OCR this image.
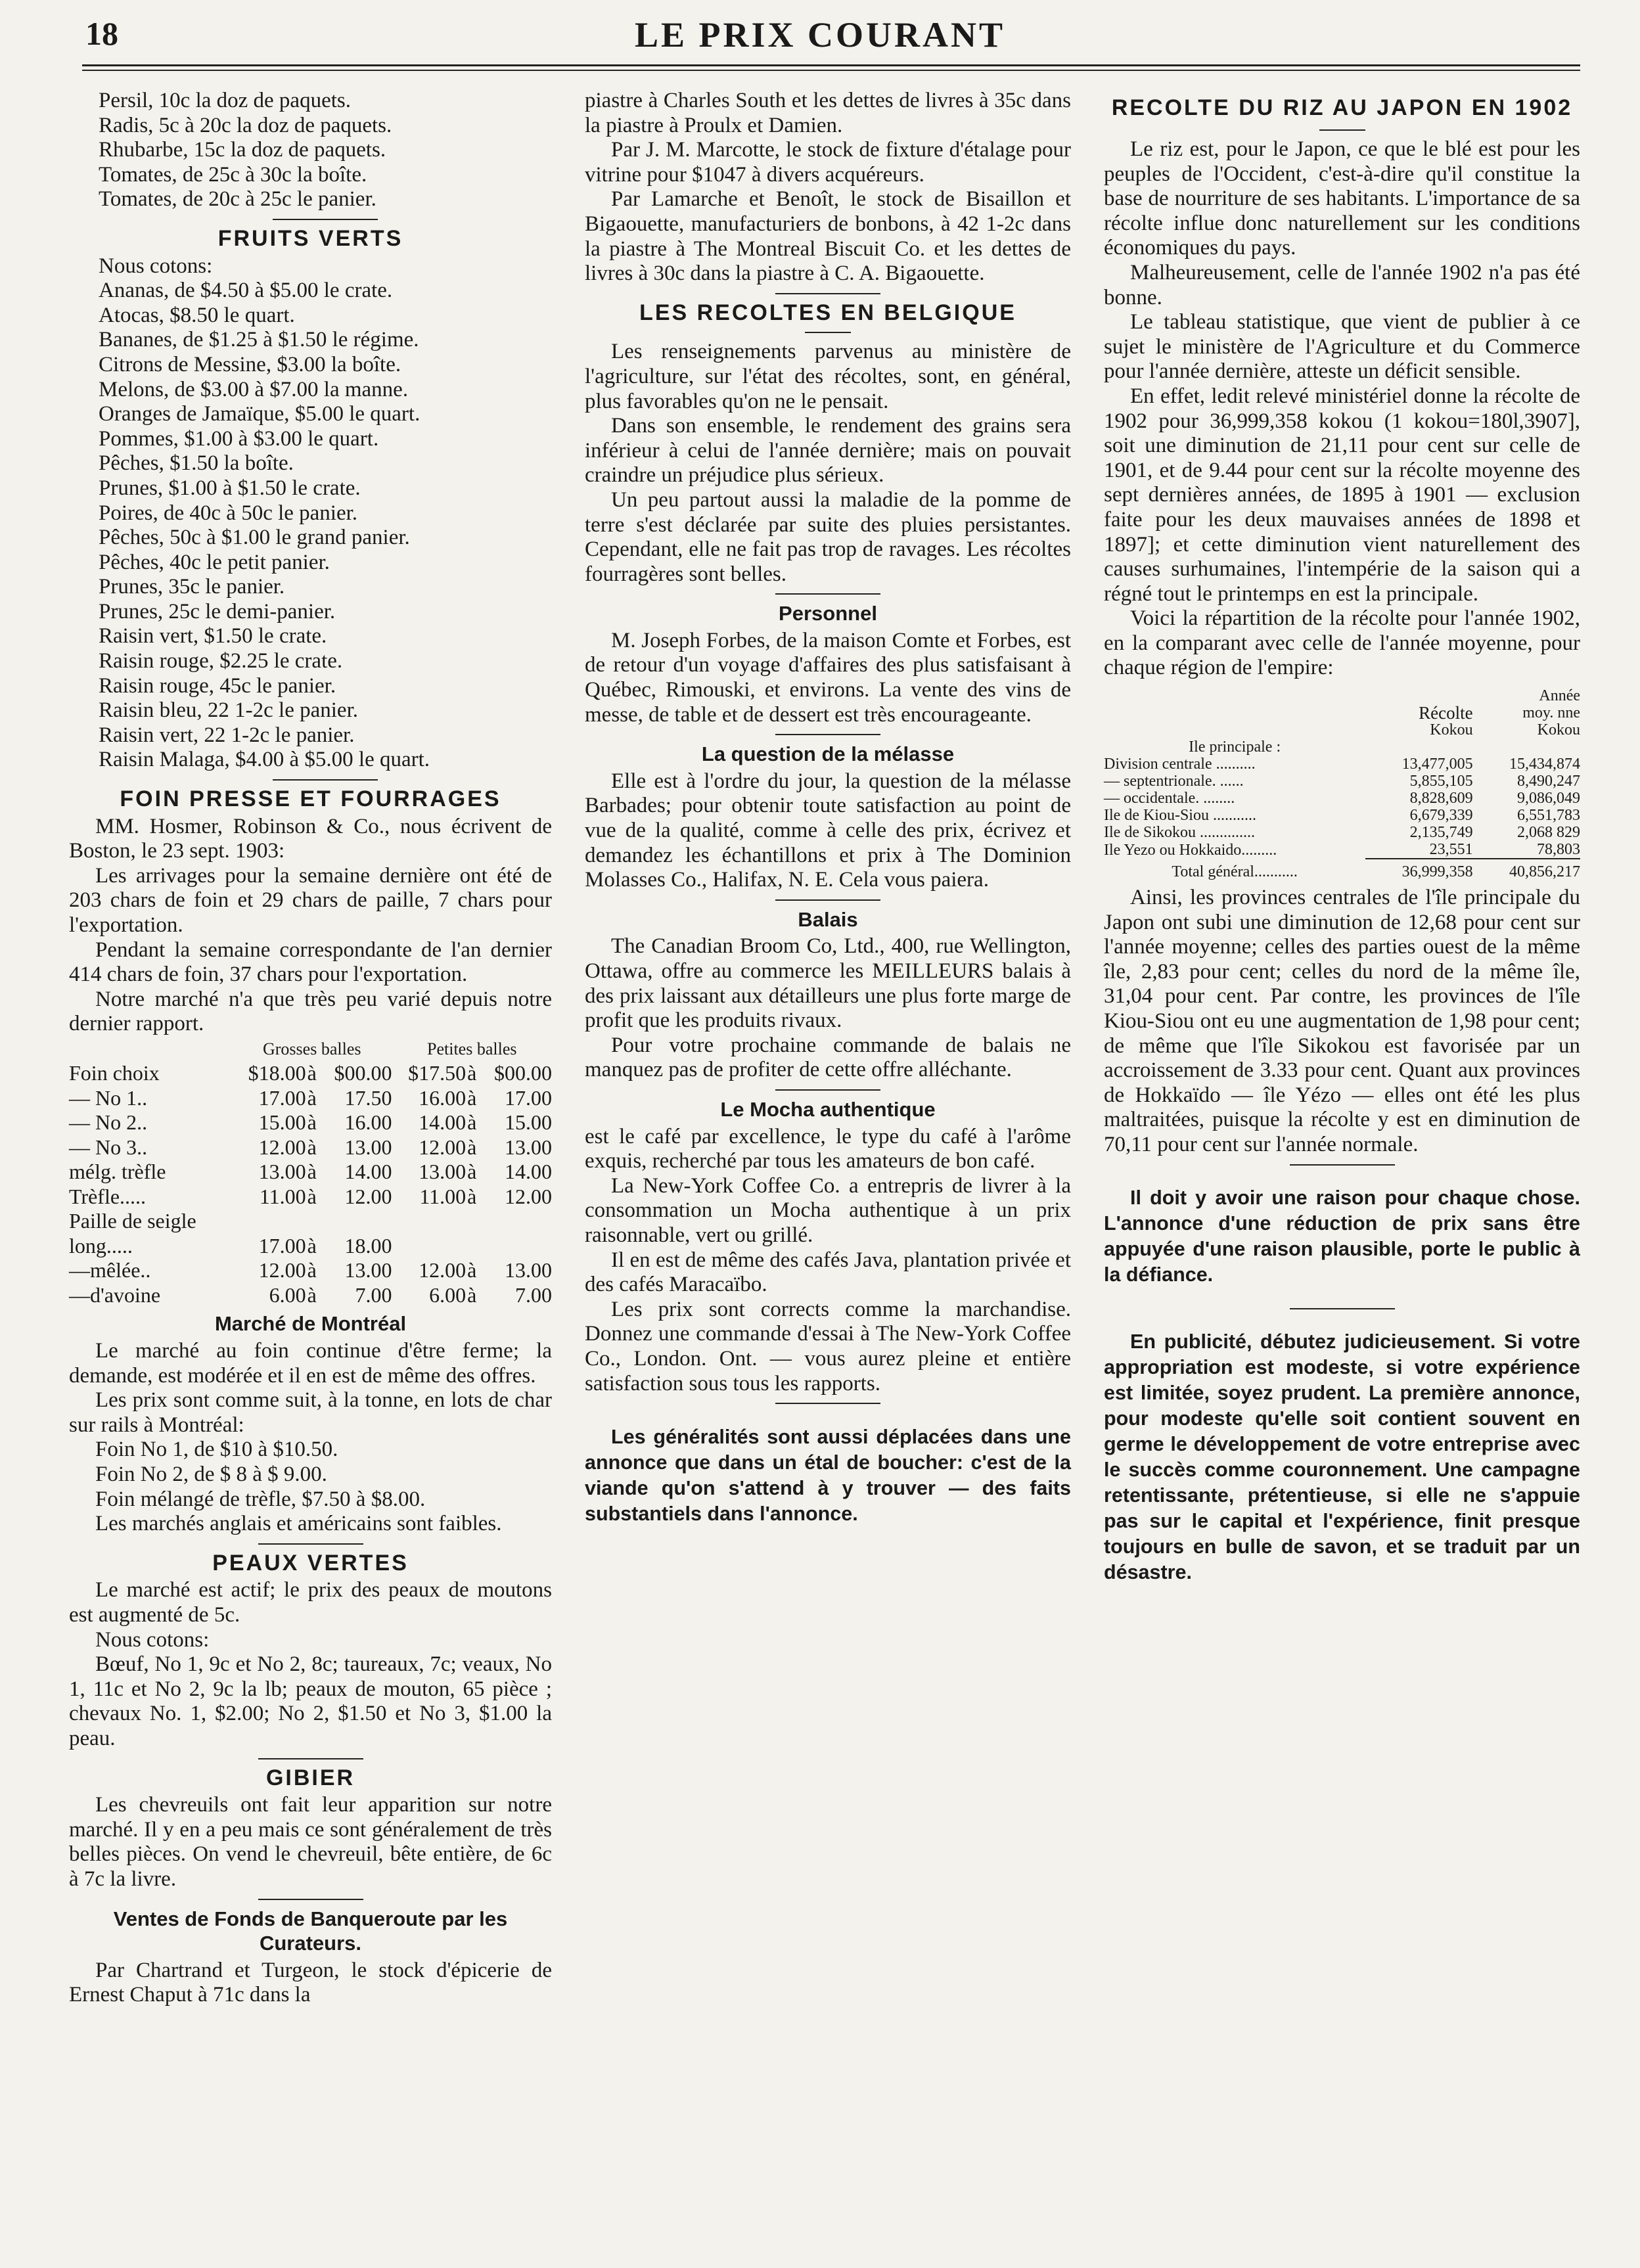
18	LE PRIX COURANT

Persil, 10c la doz de paquets.

Radis, 5c à 20c la doz de paquets.

Rhubarbe, 15c la doz de paquets.

Tomates, de 25c à 30c la boîte.

Tomates, de 20c à 25c le panier.

FRUITS VERTS

Nous cotons:

Ananas, de $4.50 à $5.00 le crate.

Atocas, $8.50 le quart.

Bananes, de $1.25 à $1.50 le régime.

Citrons de Messine, $3.00 la boîte.

Melons, de $3.00 à $7.00 la manne.

Oranges de Jamaïque, $5.00 le quart.

Pommes, $1.00 à $3.00 le quart.

Pêches, $1.50 la boîte.

Prunes, $1.00 à $1.50 le crate.

Poires, de 40c à 50c le panier.

Pêches, 50c à $1.00 le grand panier.

Pêches, 40c le petit panier.

Prunes, 35c le panier.

Prunes, 25c le demi-panier.

Raisin vert, $1.50 le crate.

Raisin rouge, $2.25 le crate.

Raisin rouge, 45c le panier.

Raisin bleu, 22 1-2c le panier.

Raisin vert, 22 1-2c le panier.

Raisin Malaga, $4.00 à $5.00 le quart.

FOIN PRESSE ET FOURRAGES

MM. Hosmer, Robinson & Co., nous écrivent de Boston, le 23 sept. 1903:

Les arrivages pour la semaine dernière ont été de 203 chars de foin et 29 chars de paille, 7 chars pour l'exportation.

Pendant la semaine correspondante de l'an dernier 414 chars de foin, 37 chars pour l'exportation.

Notre marché n'a que très peu varié depuis notre dernier rapport.

	Grosses balles			Petites balles		
Foin choix	$18.00	à	$00.00	$17.50	à	$00.00
— No 1..	17.00	à	17.50	16.00	à	17.00
— No 2..	15.00	à	16.00	14.00	à	15.00
— No 3..	12.00	à	13.00	12.00	à	13.00
mélg. trèfle	13.00	à	14.00	13.00	à	14.00
Trèfle.....	11.00	à	12.00	11.00	à	12.00
Paille de seigle						
long.....	17.00	à	18.00			
—mêlée..	12.00	à	13.00	12.00	à	13.00
—d'avoine	6.00	à	7.00	6.00	à	7.00
Marché de Montréal

Le marché au foin continue d'être ferme; la demande, est modérée et il en est de même des offres.

Les prix sont comme suit, à la tonne, en lots de char sur rails à Montréal:

Foin No 1, de $10 à $10.50.

Foin No 2, de $ 8 à $ 9.00.

Foin mélangé de trèfle, $7.50 à $8.00.

Les marchés anglais et américains sont faibles.

PEAUX VERTES

Le marché est actif; le prix des peaux de moutons est augmenté de 5c.

Nous cotons:

Bœuf, No 1, 9c et No 2, 8c; taureaux, 7c; veaux, No 1, 11c et No 2, 9c la lb; peaux de mouton, 65 pièce ; chevaux No. 1, $2.00; No 2, $1.50 et No 3, $1.00 la peau.

GIBIER

Les chevreuils ont fait leur apparition sur notre marché. Il y en a peu mais ce sont généralement de très belles pièces. On vend le chevreuil, bête entière, de 6c à 7c la livre.

Ventes de Fonds de Banqueroute par les Curateurs.

Par Chartrand et Turgeon, le stock d'épicerie de Ernest Chaput à 71c dans la

piastre à Charles South et les dettes de livres à 35c dans la piastre à Proulx et Damien.

Par J. M. Marcotte, le stock de fixture d'étalage pour vitrine pour $1047 à divers acquéreurs.

Par Lamarche et Benoît, le stock de Bisaillon et Bigaouette, manufacturiers de bonbons, à 42 1-2c dans la piastre à The Montreal Biscuit Co. et les dettes de livres à 30c dans la piastre à C. A. Bigaouette.

LES RECOLTES EN BELGIQUE

Les renseignements parvenus au ministère de l'agriculture, sur l'état des récoltes, sont, en général, plus favorables qu'on ne le pensait.

Dans son ensemble, le rendement des grains sera inférieur à celui de l'année dernière; mais on pouvait craindre un préjudice plus sérieux.

Un peu partout aussi la maladie de la pomme de terre s'est déclarée par suite des pluies persistantes. Cependant, elle ne fait pas trop de ravages. Les récoltes fourragères sont belles.

Personnel

M. Joseph Forbes, de la maison Comte et Forbes, est de retour d'un voyage d'affaires des plus satisfaisant à Québec, Rimouski, et environs. La vente des vins de messe, de table et de dessert est très encourageante.

La question de la mélasse

Elle est à l'ordre du jour, la question de la mélasse Barbades; pour obtenir toute satisfaction au point de vue de la qualité, comme à celle des prix, écrivez et demandez les échantillons et prix à The Dominion Molasses Co., Halifax, N. E. Cela vous paiera.

Balais

The Canadian Broom Co, Ltd., 400, rue Wellington, Ottawa, offre au commerce les MEILLEURS balais à des prix laissant aux détailleurs une plus forte marge de profit que les produits rivaux.

Pour votre prochaine commande de balais ne manquez pas de profiter de cette offre alléchante.

Le Mocha authentique

est le café par excellence, le type du café à l'arôme exquis, recherché par tous les amateurs de bon café.

La New-York Coffee Co. a entrepris de livrer à la consommation un Mocha authentique à un prix raisonnable, vert ou grillé.

Il en est de même des cafés Java, plantation privée et des cafés Maracaïbo.

Les prix sont corrects comme la marchandise. Donnez une commande d'essai à The New-York Coffee Co., London. Ont. — vous aurez pleine et entière satisfaction sous tous les rapports.

Les généralités sont aussi déplacées dans une annonce que dans un étal de boucher: c'est de la viande qu'on s'attend à y trouver — des faits substantiels dans l'annonce.

RECOLTE DU RIZ AU JAPON EN 1902

Le riz est, pour le Japon, ce que le blé est pour les peuples de l'Occident, c'est-à-dire qu'il constitue la base de nourriture de ses habitants. L'importance de sa récolte influe donc naturellement sur les conditions économiques du pays.

Malheureusement, celle de l'année 1902 n'a pas été bonne.

Le tableau statistique, que vient de publier à ce sujet le ministère de l'Agriculture et du Commerce pour l'année dernière, atteste un déficit sensible.

En effet, ledit relevé ministériel donne la récolte de 1902 pour 36,999,358 kokou (1 kokou=180l,3907], soit une diminution de 21,11 pour cent sur celle de 1901, et de 9.44 pour cent sur la récolte moyenne des sept dernières années, de 1895 à 1901 — exclusion faite pour les deux mauvaises années de 1898 et 1897]; et cette diminution vient naturellement des causes surhumaines, l'intempérie de la saison qui a régné tout le printemps en est la principale.

Voici la répartition de la récolte pour l'année 1902, en la comparant avec celle de l'année moyenne, pour chaque région de l'empire:

		Année
	Récolte	moy. nne
	Kokou	Kokou
Ile principale :		
Division centrale ..........	13,477,005	15,434,874
— septentrionale. ......	5,855,105	8,490,247
— occidentale. ........	8,828,609	9,086,049
Ile de Kiou-Siou ...........	6,679,339	6,551,783
Ile de Sikokou ..............	2,135,749	2,068 829
Ile Yezo ou Hokkaido.........	23,551	78,803
Total général...........	36,999,358	40,856,217

Ainsi, les provinces centrales de l'île principale du Japon ont subi une diminution de 12,68 pour cent sur l'année moyenne; celles des parties ouest de la même île, 2,83 pour cent; celles du nord de la même île, 31,04 pour cent. Par contre, les provinces de l'île Kiou-Siou ont eu une augmentation de 1,98 pour cent; de même que l'île Sikokou est favorisée par un accroissement de 3.33 pour cent. Quant aux provinces de Hokkaïdo — île Yézo — elles ont été les plus maltraitées, puisque la récolte y est en diminution de 70,11 pour cent sur l'année normale.

Il doit y avoir une raison pour chaque chose. L'annonce d'une réduction de prix sans être appuyée d'une raison plausible, porte le public à la défiance.

En publicité, débutez judicieusement. Si votre appropriation est modeste, si votre expérience est limitée, soyez prudent. La première annonce, pour modeste qu'elle soit contient souvent en germe le développement de votre entreprise avec le succès comme couronnement. Une campagne retentissante, prétentieuse, si elle ne s'appuie pas sur le capital et l'expérience, finit presque toujours en bulle de savon, et se traduit par un désastre.
